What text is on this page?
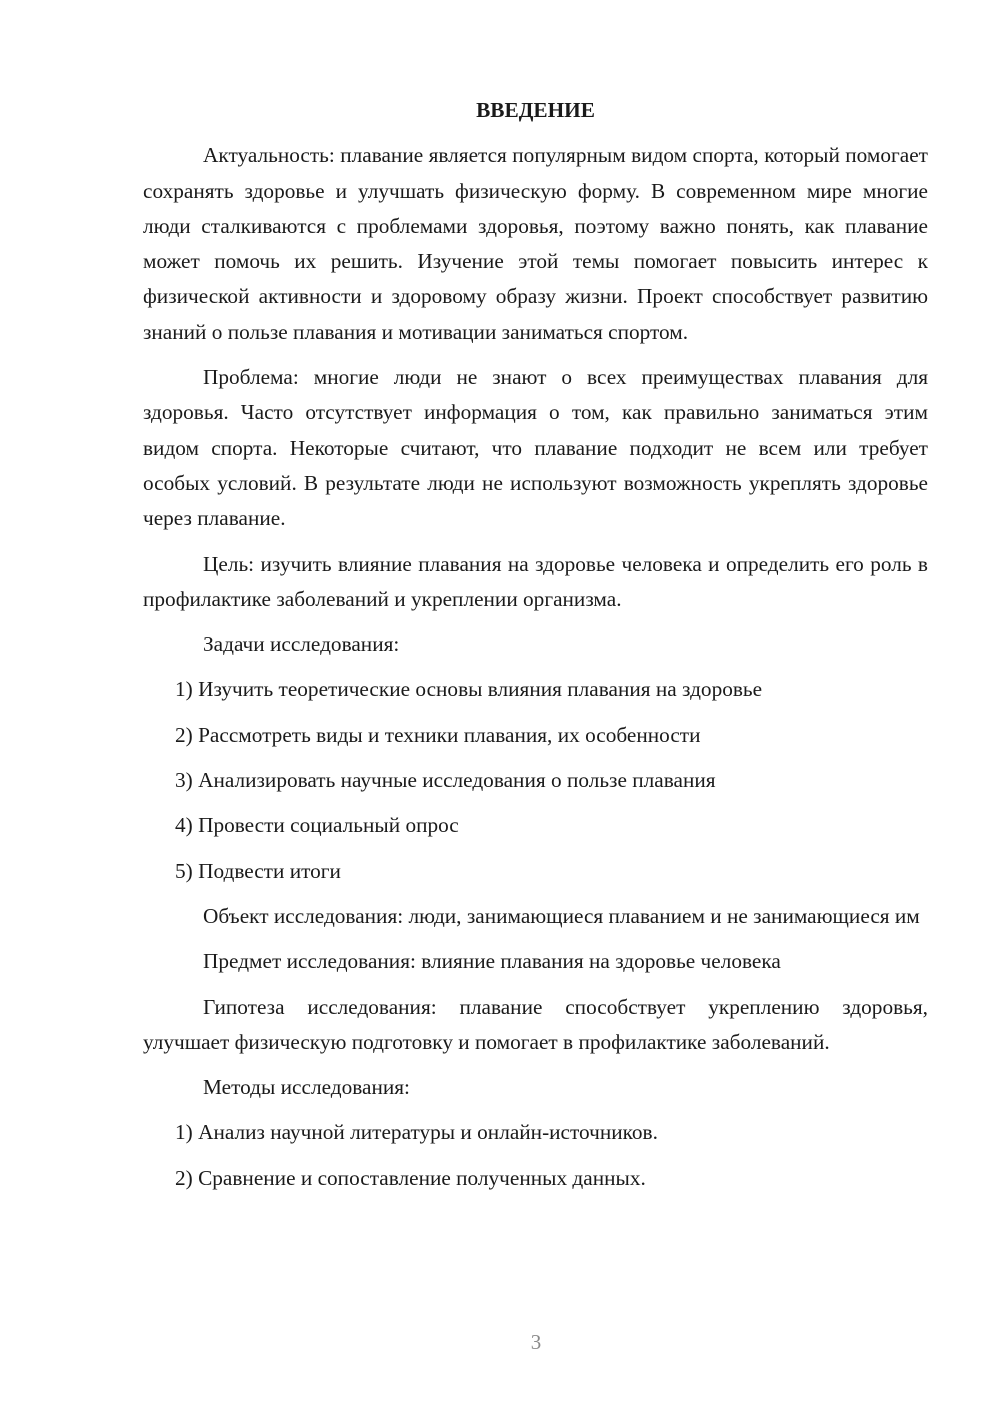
ВВЕДЕНИЕ

Актуальность: плавание является популярным видом спорта, который помогает сохранять здоровье и улучшать физическую форму. В современном мире многие люди сталкиваются с проблемами здоровья, поэтому важно понять, как плавание может помочь их решить. Изучение этой темы помогает повысить интерес к физической активности и здоровому образу жизни. Проект способствует развитию знаний о пользе плавания и мотивации заниматься спортом.

Проблема: многие люди не знают о всех преимуществах плавания для здоровья. Часто отсутствует информация о том, как правильно заниматься этим видом спорта. Некоторые считают, что плавание подходит не всем или требует особых условий. В результате люди не используют возможность укреплять здоровье через плавание.

Цель: изучить влияние плавания на здоровье человека и определить его роль в профилактике заболеваний и укреплении организма.

Задачи исследования:

1) Изучить теоретические основы влияния плавания на здоровье

2) Рассмотреть виды и техники плавания, их особенности

3) Анализировать научные исследования о пользе плавания

4) Провести социальный опрос

5) Подвести итоги

Объект исследования: люди, занимающиеся плаванием и не занимающиеся им

Предмет исследования: влияние плавания на здоровье человека

Гипотеза исследования: плавание способствует укреплению здоровья, улучшает физическую подготовку и помогает в профилактике заболеваний.

Методы исследования:

1) Анализ научной литературы и онлайн-источников.

2) Сравнение и сопоставление полученных данных.

3
